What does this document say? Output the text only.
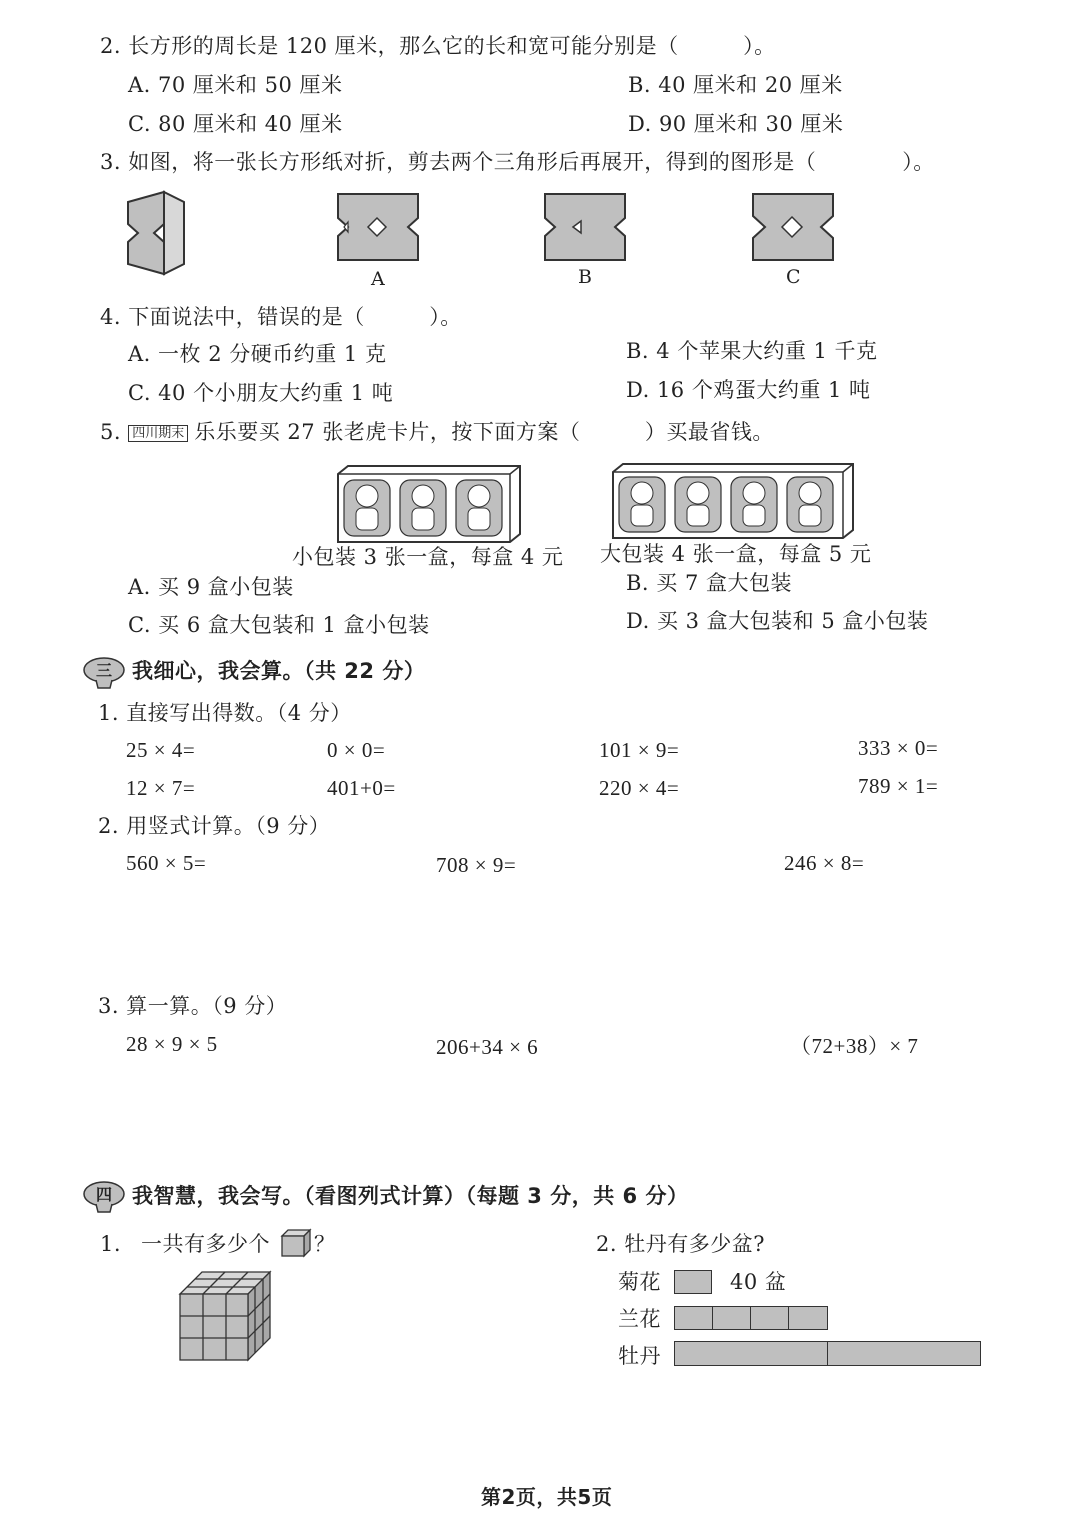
2. 长方形的周长是 120 厘米，那么它的长和宽可能分别是（　　　）。
A. 70 厘米和 50 厘米	B. 40 厘米和 20 厘米
C. 80 厘米和 40 厘米	D. 90 厘米和 30 厘米
3. 如图，将一张长方形纸对折，剪去两个三角形后再展开，得到的图形是（　　　　）。
A	B	C
4. 下面说法中，错误的是（　　　）。
A. 一枚 2 分硬币约重 1 克	B. 4 个苹果大约重 1 千克
C. 40 个小朋友大约重 1 吨	D. 16 个鸡蛋大约重 1 吨
5. 四川期末 乐乐要买 27 张老虎卡片，按下面方案（　　　）买最省钱。
小包装 3 张一盒，每盒 4 元 大包装 4 张一盒，每盒 5 元
A. 买 9 盒小包装	B. 买 7 盒大包装
C. 买 6 盒大包装和 1 盒小包装	D. 买 3 盒大包装和 5 盒小包装
三 我细心，我会算。（共 22 分）
1. 直接写出得数。（4 分）
25 × 4=	0 × 0=	101 × 9=	333 × 0=
12 × 7=	401+0=	220 × 4=	789 × 1=
2. 用竖式计算。（9 分）
560 × 5=	708 × 9=	246 × 8=
3. 算一算。（9 分）
28 × 9 × 5	206+34 × 6	（72+38）× 7
四 我智慧，我会写。（看图列式计算）（每题 3 分，共 6 分）
1. 一共有多少个 ？	2. 牡丹有多少盆?
菊花	40 盆
兰花
牡丹
第2页，共5页
